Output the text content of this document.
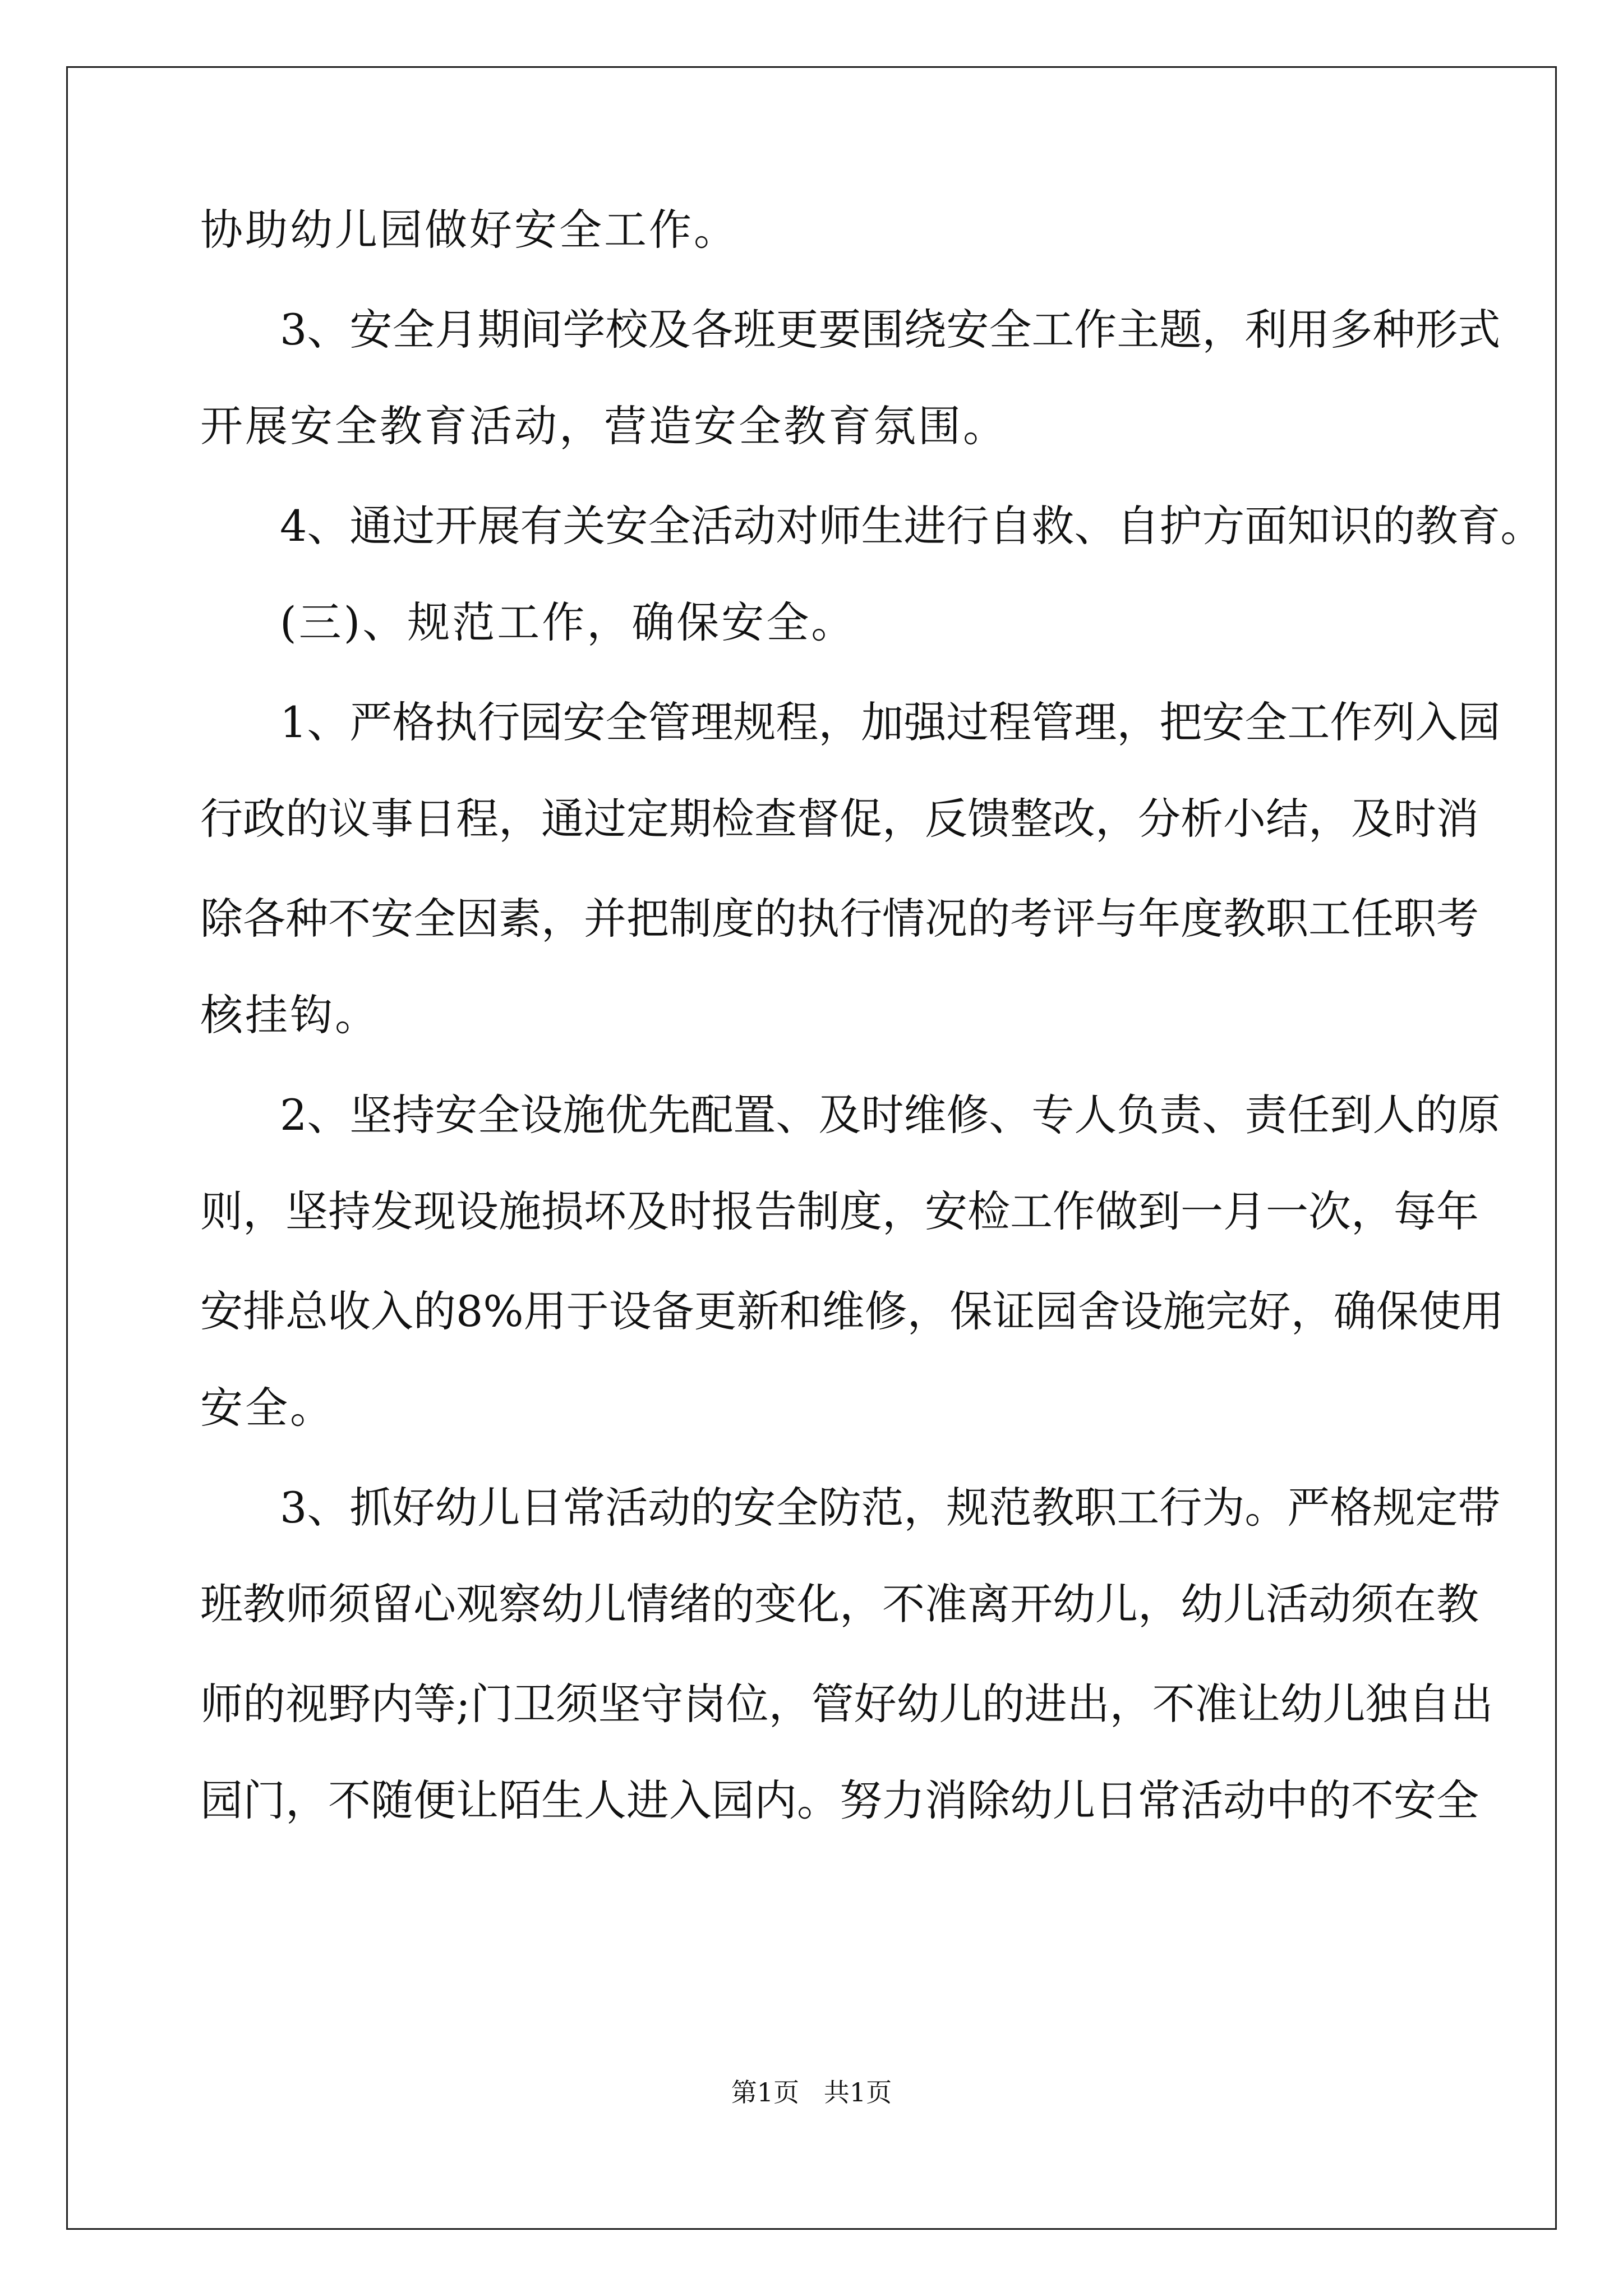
协助幼儿园做好安全工作。
3、安全月期间学校及各班更要围绕安全工作主题，利用多种形式
开展安全教育活动，营造安全教育氛围。
4、通过开展有关安全活动对师生进行自救、自护方面知识的教育。
(三)、规范工作，确保安全。
1、严格执行园安全管理规程，加强过程管理，把安全工作列入园
行政的议事日程，通过定期检查督促，反馈整改，分析小结，及时消
除各种不安全因素，并把制度的执行情况的考评与年度教职工任职考
核挂钩。
2、坚持安全设施优先配置、及时维修、专人负责、责任到人的原
则，坚持发现设施损坏及时报告制度，安检工作做到一月一次，每年
安排总收入的8%用于设备更新和维修，保证园舍设施完好，确保使用
安全。
3、抓好幼儿日常活动的安全防范，规范教职工行为。严格规定带
班教师须留心观察幼儿情绪的变化，不准离开幼儿，幼儿活动须在教
师的视野内等;门卫须坚守岗位，管好幼儿的进出，不准让幼儿独自出
园门，不随便让陌生人进入园内。努力消除幼儿日常活动中的不安全
第1页   共1页
